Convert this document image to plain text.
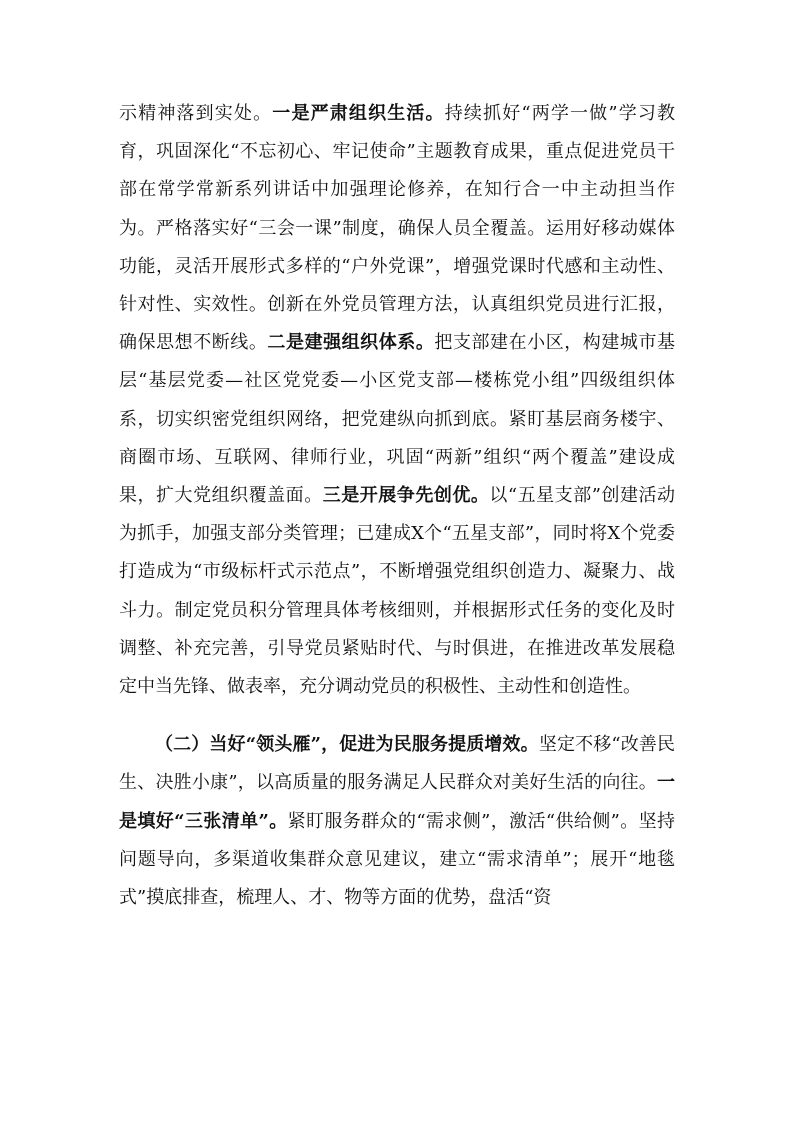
示精神落到实处。一是严肃组织生活。持续抓好“两学一做”学习教育，巩固深化“不忘初心、牢记使命”主题教育成果，重点促进党员干部在常学常新系列讲话中加强理论修养，在知行合一中主动担当作为。严格落实好“三会一课”制度，确保人员全覆盖。运用好移动媒体功能，灵活开展形式多样的“户外党课”，增强党课时代感和主动性、针对性、实效性。创新在外党员管理方法，认真组织党员进行汇报，确保思想不断线。二是建强组织体系。把支部建在小区，构建城市基层“基层党委—社区党党委—小区党支部—楼栋党小组”四级组织体系，切实织密党组织网络，把党建纵向抓到底。紧盯基层商务楼宇、商圈市场、互联网、律师行业，巩固“两新”组织“两个覆盖”建设成果，扩大党组织覆盖面。三是开展争先创优。以“五星支部”创建活动为抓手，加强支部分类管理；已建成X个“五星支部”，同时将X个党委打造成为“市级标杆式示范点”，不断增强党组织创造力、凝聚力、战斗力。制定党员积分管理具体考核细则，并根据形式任务的变化及时调整、补充完善，引导党员紧贴时代、与时俱进，在推进改革发展稳定中当先锋、做表率，充分调动党员的积极性、主动性和创造性。

（二）当好“领头雁”，促进为民服务提质增效。坚定不移“改善民生、决胜小康”，以高质量的服务满足人民群众对美好生活的向往。一是填好“三张清单”。紧盯服务群众的“需求侧”，激活“供给侧”。坚持问题导向，多渠道收集群众意见建议，建立“需求清单”；展开“地毯式”摸底排查，梳理人、才、物等方面的优势，盘活“资
